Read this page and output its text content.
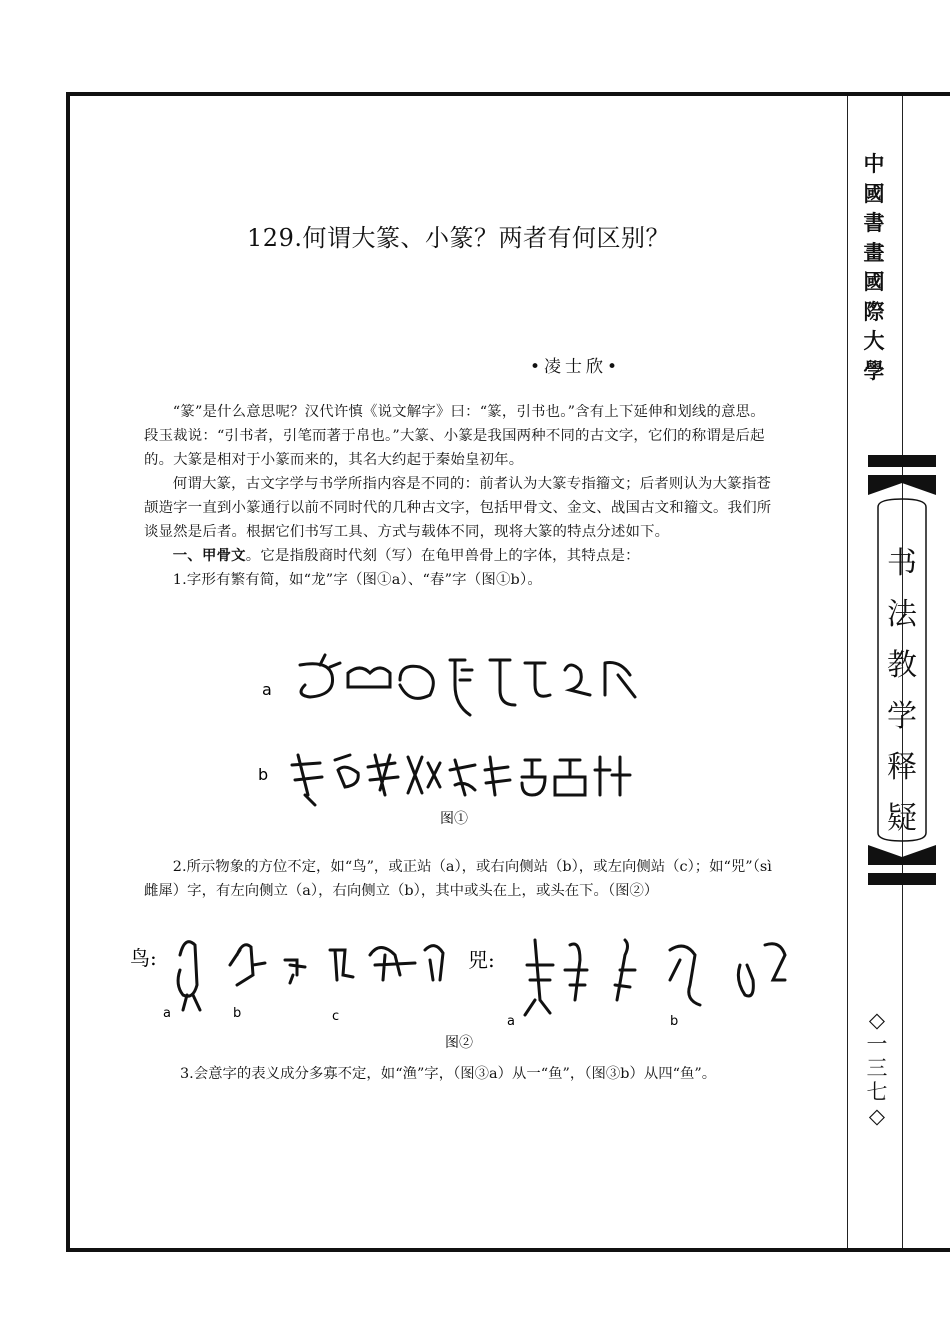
中
國
書
畫
國
際
大
學
书
法
教
学
释
疑
◇
一
三
七
◇
129.何谓大篆、小篆？两者有何区别？
•凌士欣•

“篆”是什么意思呢？汉代许慎《说文解字》曰：“篆，引书也。”含有上下延伸和划线的意思。段玉裁说：“引书者，引笔而著于帛也。”大篆、小篆是我国两种不同的古文字，它们的称谓是后起的。大篆是相对于小篆而来的，其名大约起于秦始皇初年。

何谓大篆，古文字学与书学所指内容是不同的：前者认为大篆专指籀文；后者则认为大篆指苍颉造字一直到小篆通行以前不同时代的几种古文字，包括甲骨文、金文、战国古文和籀文。我们所谈显然是后者。根据它们书写工具、方式与载体不同，现将大篆的特点分述如下。

一、甲骨文。它是指殷商时代刻（写）在龟甲兽骨上的字体，其特点是：

1.字形有繁有简，如“龙”字（图①a）、“春”字（图①b）。

a
b
图①

2.所示物象的方位不定，如“鸟”，或正站（a），或右向侧站（b），或左向侧站（c）；如“兕”（sì 雌犀）字，有左向侧立（a），右向侧立（b），其中或头在上，或头在下。（图②）

鸟:	兕:
a	b	c	a	b
图②
3.会意字的表义成分多寡不定，如“渔”字，（图③a）从一“鱼”，（图③b）从四“鱼”。
